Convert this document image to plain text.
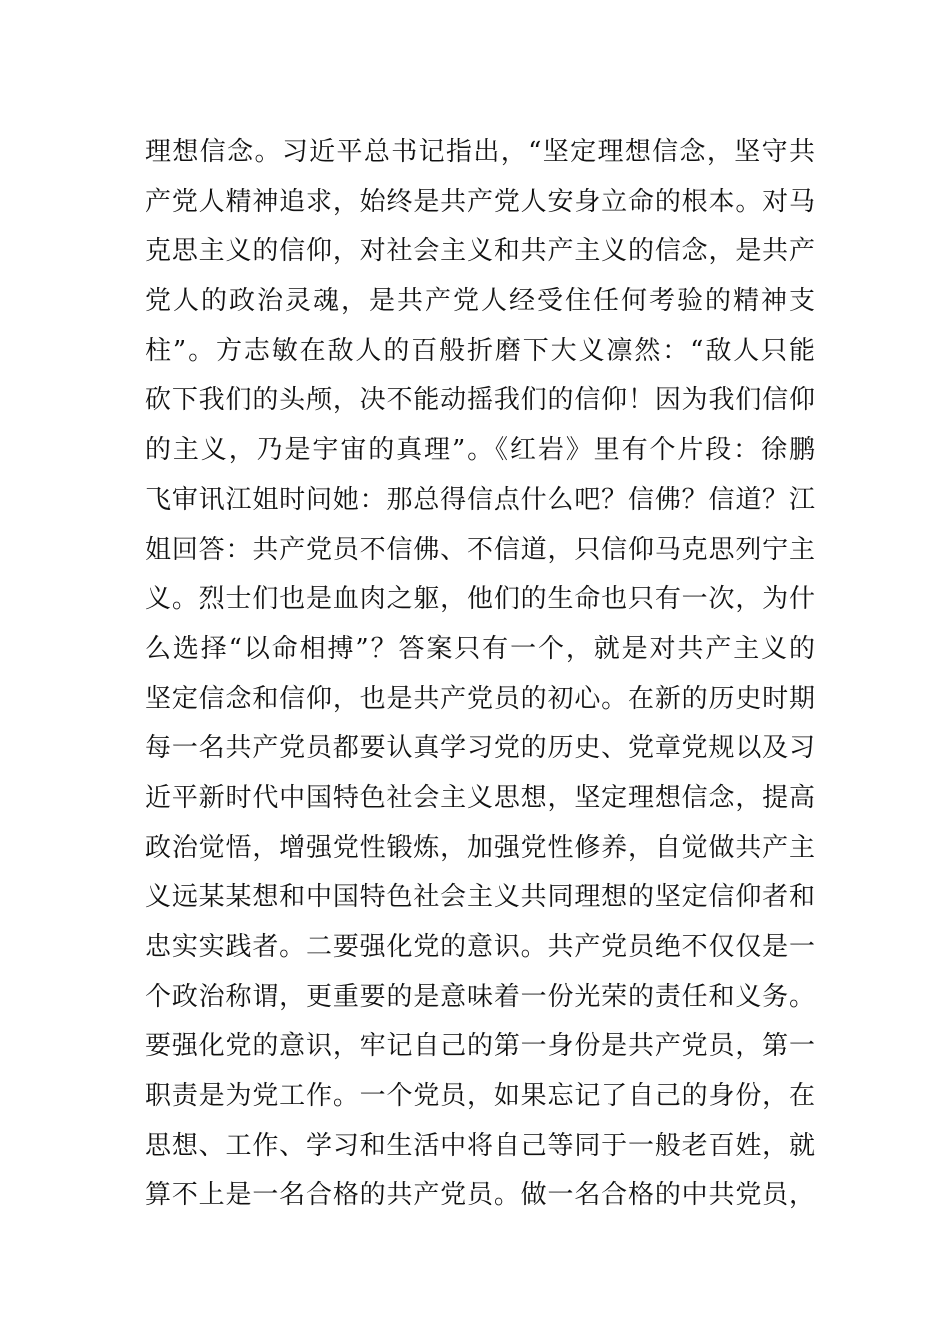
理想信念。习近平总书记指出，“坚定理想信念，坚守共
产党人精神追求，始终是共产党人安身立命的根本。对马
克思主义的信仰，对社会主义和共产主义的信念，是共产
党人的政治灵魂，是共产党人经受住任何考验的精神支
柱”。方志敏在敌人的百般折磨下大义凛然：“敌人只能
砍下我们的头颅，决不能动摇我们的信仰！因为我们信仰
的主义，乃是宇宙的真理”。《红岩》里有个片段：徐鹏
飞审讯江姐时问她：那总得信点什么吧？信佛？信道？江
姐回答：共产党员不信佛、不信道，只信仰马克思列宁主
义。烈士们也是血肉之躯，他们的生命也只有一次，为什
么选择“以命相搏”？答案只有一个，就是对共产主义的
坚定信念和信仰，也是共产党员的初心。在新的历史时期
每一名共产党员都要认真学习党的历史、党章党规以及习
近平新时代中国特色社会主义思想，坚定理想信念，提高
政治觉悟，增强党性锻炼，加强党性修养，自觉做共产主
义远某某想和中国特色社会主义共同理想的坚定信仰者和
忠实实践者。二要强化党的意识。共产党员绝不仅仅是一
个政治称谓，更重要的是意味着一份光荣的责任和义务。
要强化党的意识，牢记自己的第一身份是共产党员，第一
职责是为党工作。一个党员，如果忘记了自己的身份，在
思想、工作、学习和生活中将自己等同于一般老百姓，就
算不上是一名合格的共产党员。做一名合格的中共党员，
